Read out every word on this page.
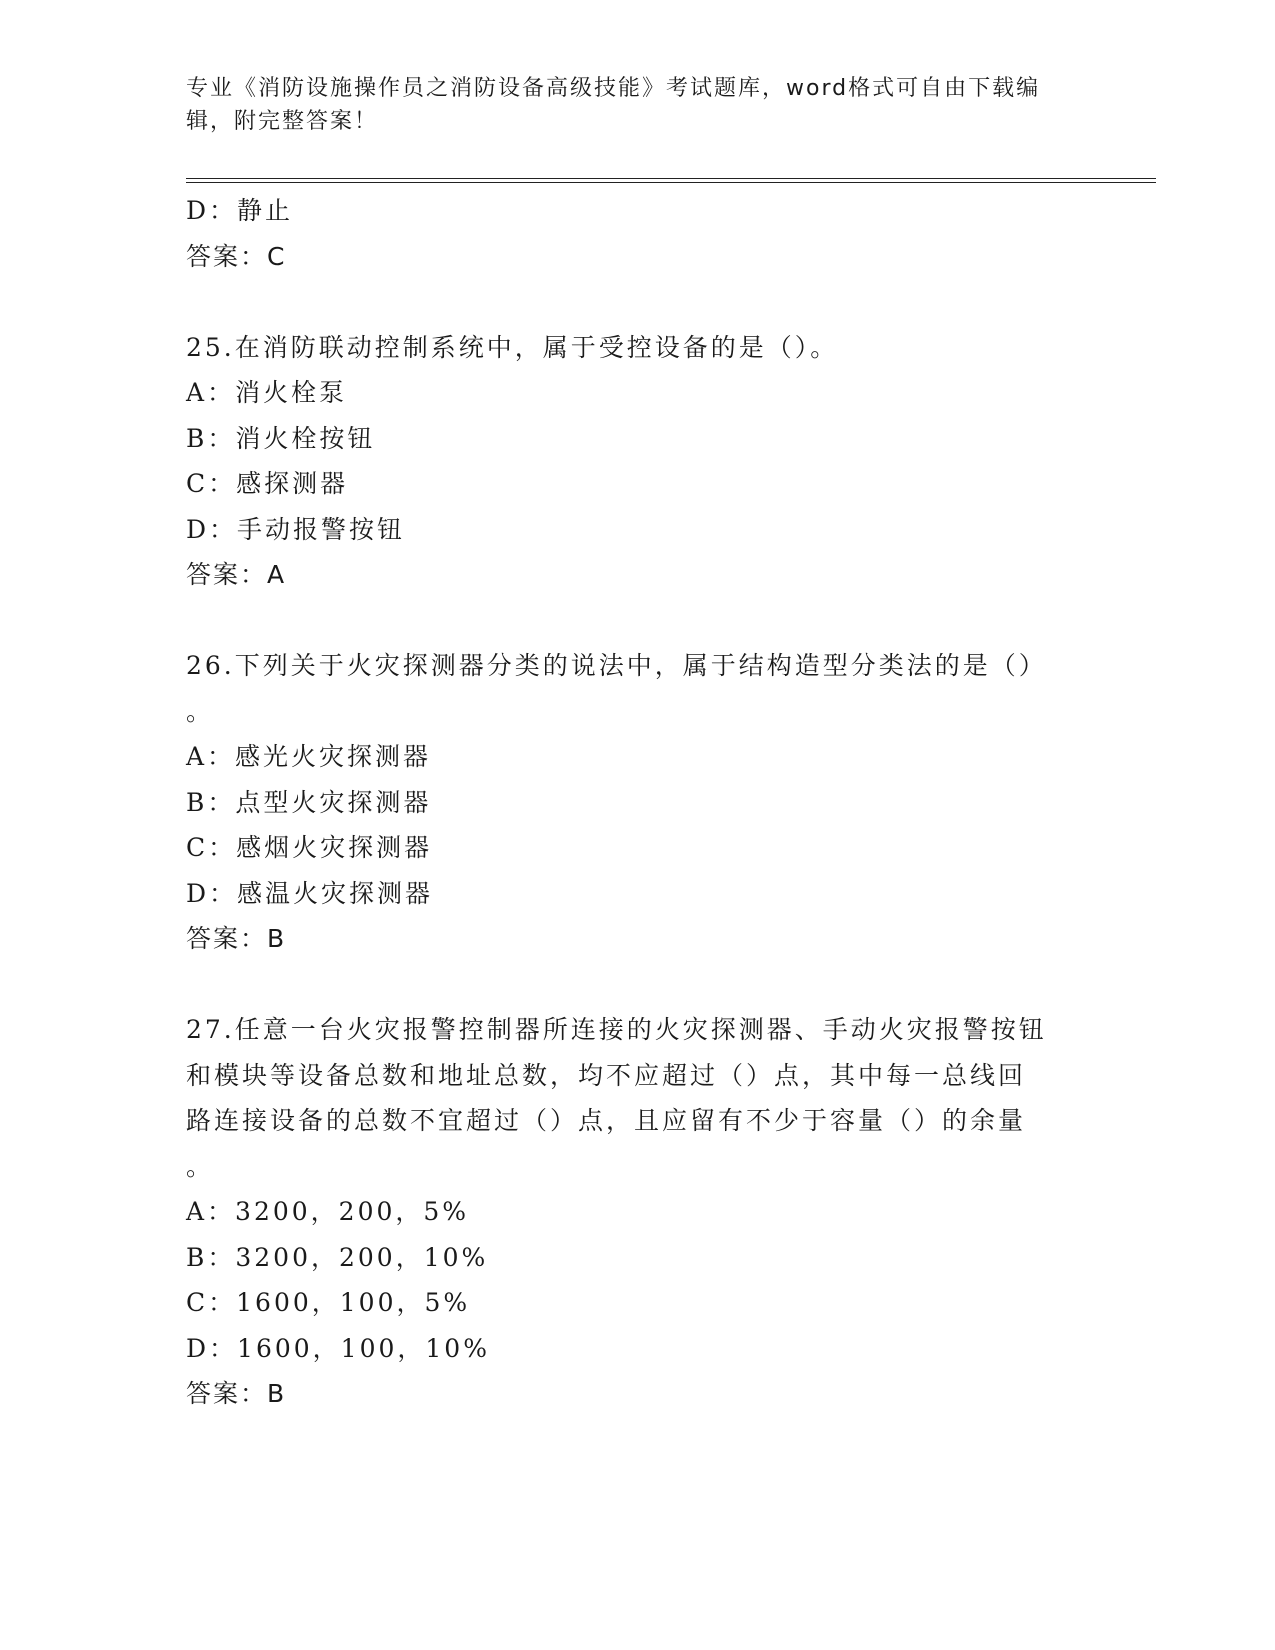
专业《消防设施操作员之消防设备高级技能》考试题库，word格式可自由下载编辑，附完整答案！
D：静止
答案：C
25.在消防联动控制系统中，属于受控设备的是（）。
A：消火栓泵
B：消火栓按钮
C：感探测器
D：手动报警按钮
答案：A
26.下列关于火灾探测器分类的说法中，属于结构造型分类法的是（）
。
A：感光火灾探测器
B：点型火灾探测器
C：感烟火灾探测器
D：感温火灾探测器
答案：B
27.任意一台火灾报警控制器所连接的火灾探测器、手动火灾报警按钮
和模块等设备总数和地址总数，均不应超过（）点，其中每一总线回
路连接设备的总数不宜超过（）点，且应留有不少于容量（）的余量
。
A：3200，200，5%
B：3200，200，10%
C：1600，100，5%
D：1600，100，10%
答案：B
